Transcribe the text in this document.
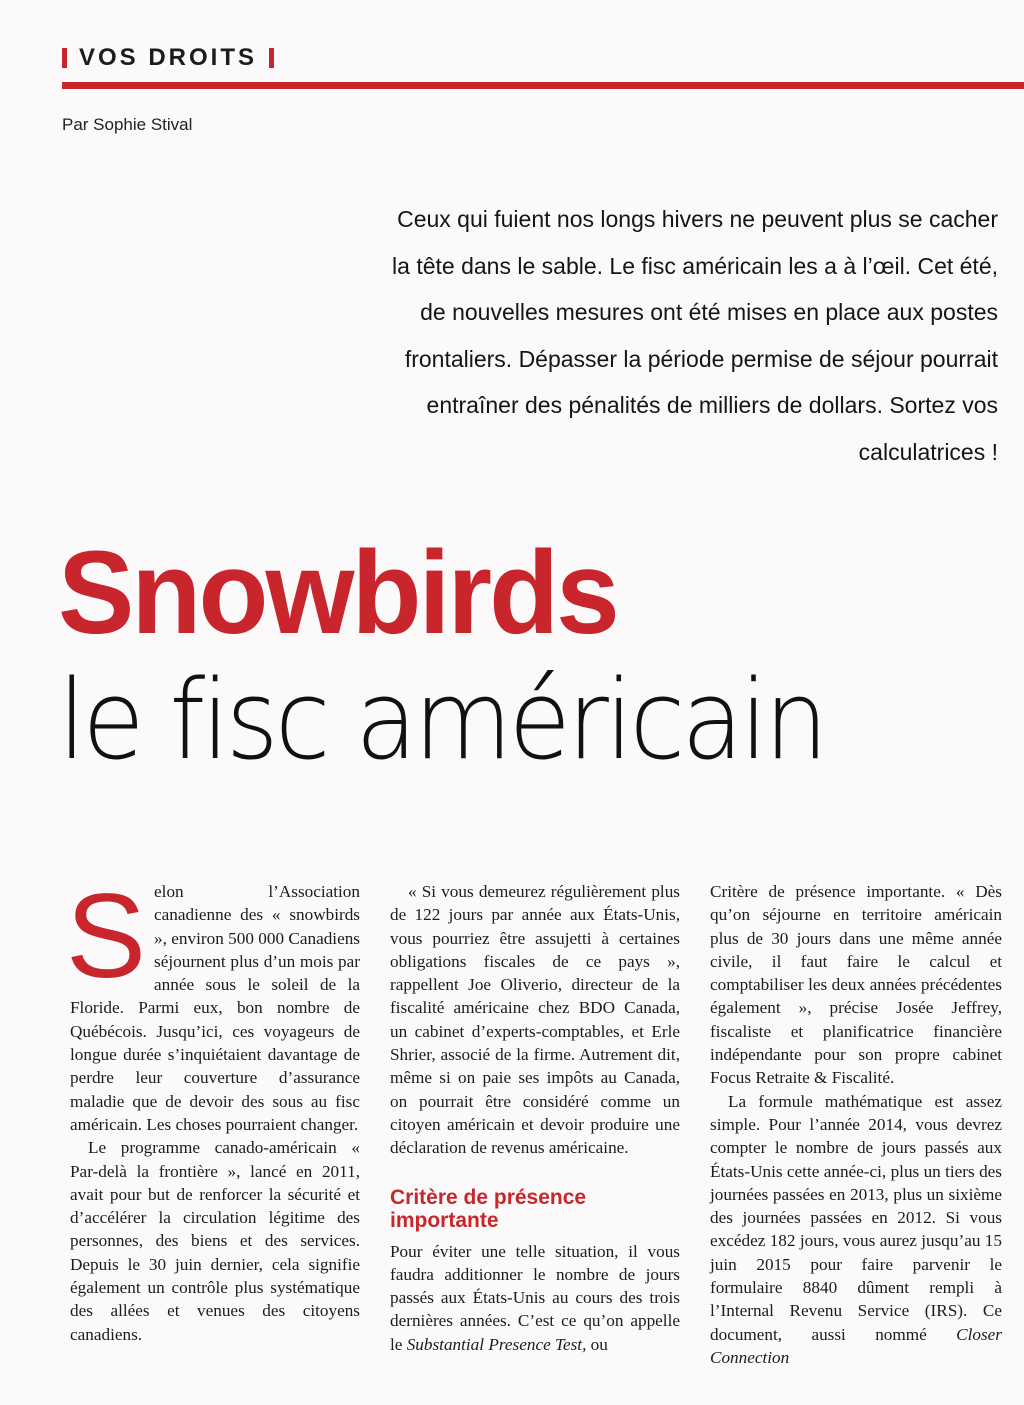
VOS DROITS
Par Sophie Stival
Ceux qui fuient nos longs hivers ne peuvent plus se cacher la tête dans le sable. Le fisc américain les a à l’œil. Cet été, de nouvelles mesures ont été mises en place aux postes frontaliers. Dépasser la période permise de séjour pourrait entraîner des pénalités de milliers de dollars. Sortez vos calculatrices !
Snowbirds
le fisc américain

Selon l’Association canadienne des « snowbirds », environ 500 000 Canadiens séjournent plus d’un mois par année sous le soleil de la Floride. Parmi eux, bon nombre de Québécois. Jusqu’ici, ces voyageurs de longue durée s’inquiétaient davantage de perdre leur couverture d’assurance maladie que de devoir des sous au fisc américain. Les choses pourraient changer.

Le programme canado-américain « Par-delà la frontière », lancé en 2011, avait pour but de renforcer la sécurité et d’accélérer la circulation légitime des personnes, des biens et des services. Depuis le 30 juin dernier, cela signifie également un contrôle plus systématique des allées et venues des citoyens canadiens.

« Si vous demeurez régulièrement plus de 122 jours par année aux États-Unis, vous pourriez être assujetti à certaines obligations fiscales de ce pays », rappellent Joe Oliverio, directeur de la fiscalité américaine chez BDO Canada, un cabinet d’experts-comptables, et Erle Shrier, associé de la firme. Autrement dit, même si on paie ses impôts au Canada, on pourrait être considéré comme un citoyen américain et devoir produire une déclaration de revenus américaine.

Critère de présence importante

Pour éviter une telle situation, il vous faudra additionner le nombre de jours passés aux États-Unis au cours des trois dernières années. C’est ce qu’on appelle le Substantial Presence Test, ou

Critère de présence importante. « Dès qu’on séjourne en territoire américain plus de 30 jours dans une même année civile, il faut faire le calcul et comptabiliser les deux années précédentes également », précise Josée Jeffrey, fiscaliste et planificatrice financière indépendante pour son propre cabinet Focus Retraite & Fiscalité.

La formule mathématique est assez simple. Pour l’année 2014, vous devrez compter le nombre de jours passés aux États-Unis cette année-ci, plus un tiers des journées passées en 2013, plus un sixième des journées passées en 2012. Si vous excédez 182 jours, vous aurez jusqu’au 15 juin 2015 pour faire parvenir le formulaire 8840 dûment rempli à l’Internal Revenu Service (IRS). Ce document, aussi nommé Closer Connection
